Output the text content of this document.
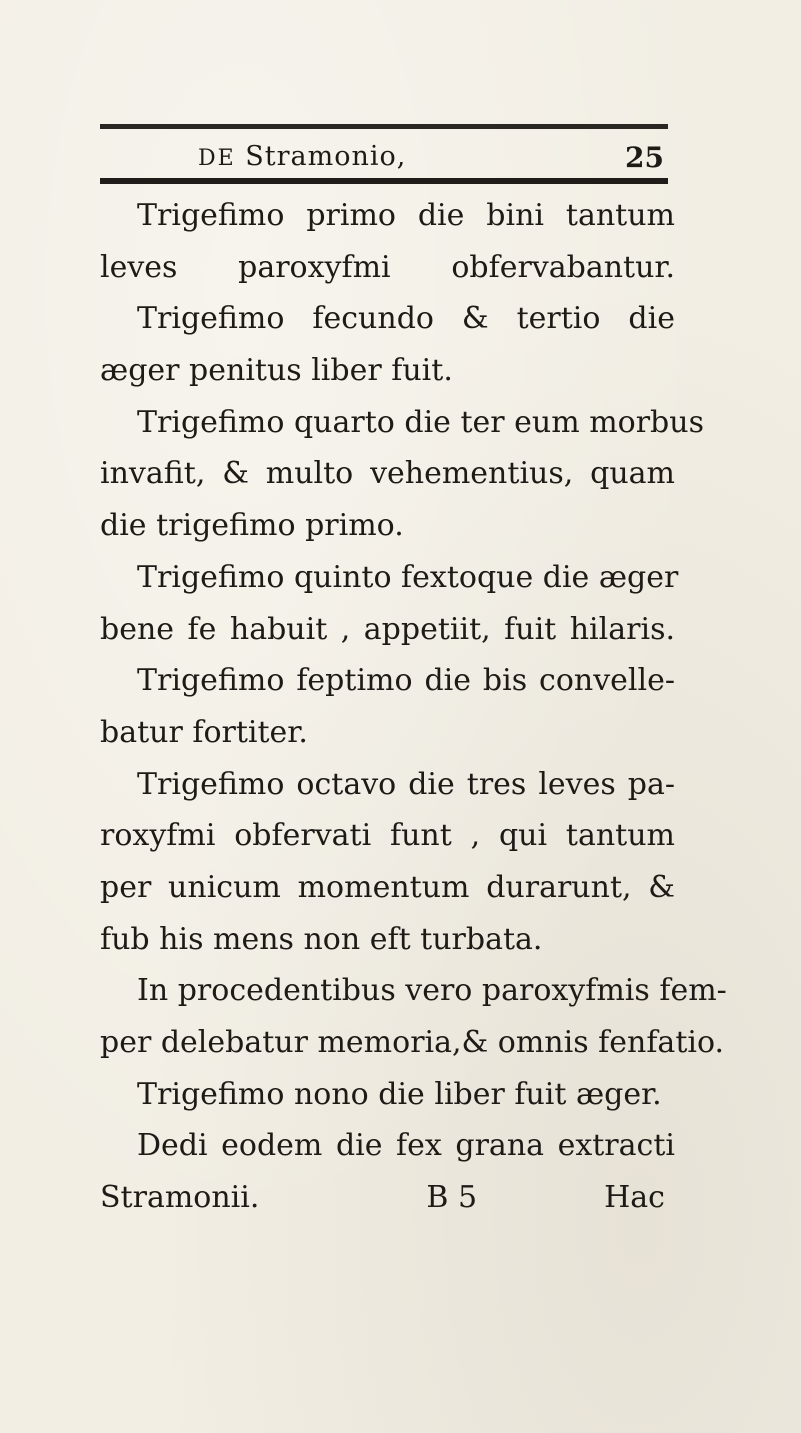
DE Stramonio,	25
Trigefimo primo die bini tantum
leves paroxyfmi obfervabantur.
Trigefimo fecundo & tertio die
æger penitus liber fuit.
Trigefimo quarto die ter eum morbus
invafit, & multo vehementius, quam
die trigefimo primo.
Trigefimo quinto fextoque die æger
bene fe habuit , appetiit, fuit hilaris.
Trigefimo feptimo die bis convelle-
batur fortiter.
Trigefimo octavo die tres leves pa-
roxyfmi obfervati funt , qui tantum
per unicum momentum durarunt, &
fub his mens non eft turbata.
In procedentibus vero paroxyfmis fem-
per delebatur memoria,& omnis fenfatio.
Trigefimo nono die liber fuit æger.
Dedi eodem die fex grana extracti
Stramonii.	B 5	Hac
